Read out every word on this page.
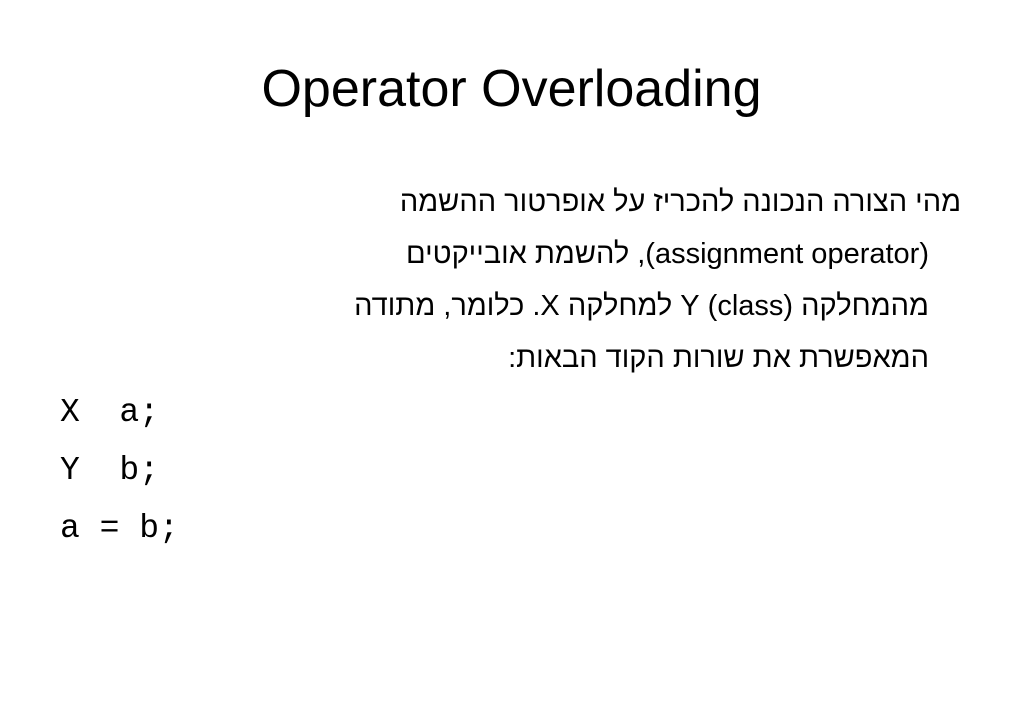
Operator Overloading
מהי הצורה הנכונה להכריז על אופרטור ההשמה
(assignment operator), להשמת אובייקטים
מהמחלקה (class) Y למחלקה X. כלומר, מתודה
המאפשרת את שורות הקוד הבאות:
X  a;
Y  b;
a = b;
